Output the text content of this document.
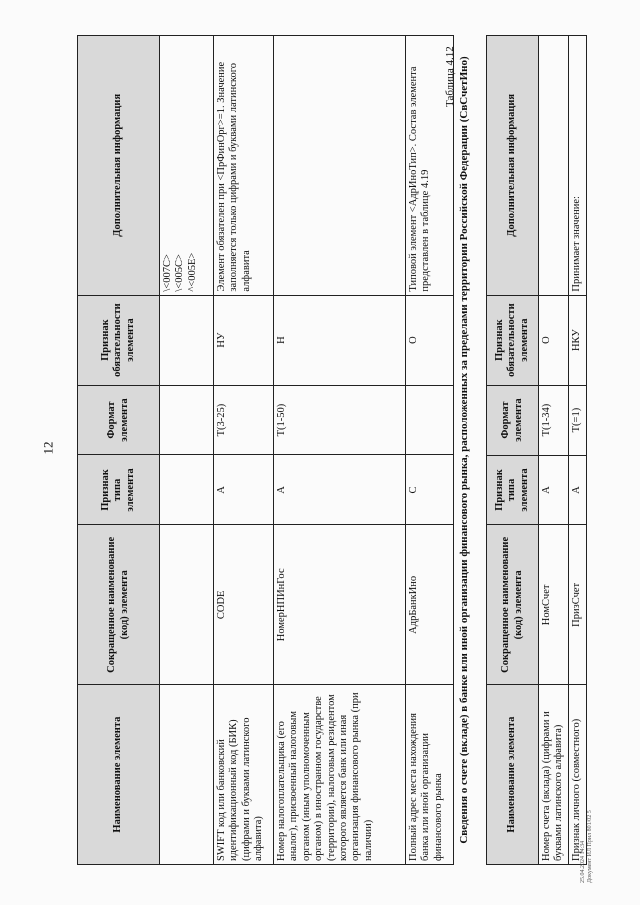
12
Наименование элемента	Сокращенное наименование (код) элемента	Признак типа элемента	Формат элемента	Признак обязательности элемента	Дополнительная информация

					\<007C> \<005C> ^<005E>

SWIFT код или банковский идентификационный код (БИК) (цифрами и буквами латинского алфавита)	CODE	А	T(3-25)	НУ	Элемент обязателен при <ПрФинОрг>=1. Значение заполняется только цифрами и буквами латинского алфавита
Номер налогоплательщика (его аналог), присвоенный налоговым органом (иным уполномоченным органом) в иностранном государстве (территории), налоговым резидентом которого является банк или иная организация финансового рынка (при наличии)	НомерНПИнГос	А	T(1-50)	Н	
Полный адрес места нахождения банка или иной организации финансового рынка	АдрБанкИно	С		О	Типовой элемент <АдрИноТип>. Состав элемента представлен в таблице 4.19
Таблица 4.12 Сведения о счете (вкладе) в банке или иной организации финансового рынка, расположенных за пределами территории Российской Федерации (СвСчетИно)	Наименование элемента	Сокращенное наименование (код) элемента	Признак типа элемента	Формат элемента	Признак обязательности элемента	Дополнительная информация
Номер счета (вклада) (цифрами и буквами латинского алфавита)	НомСчет	А	T(1-34)	О	
Признак личного (совместного)	ПризСчет	А	T(=1)	НКУ	Принимает значение:
25.04.2024 14:34 Документ ИЛ Прил 801/02 5
